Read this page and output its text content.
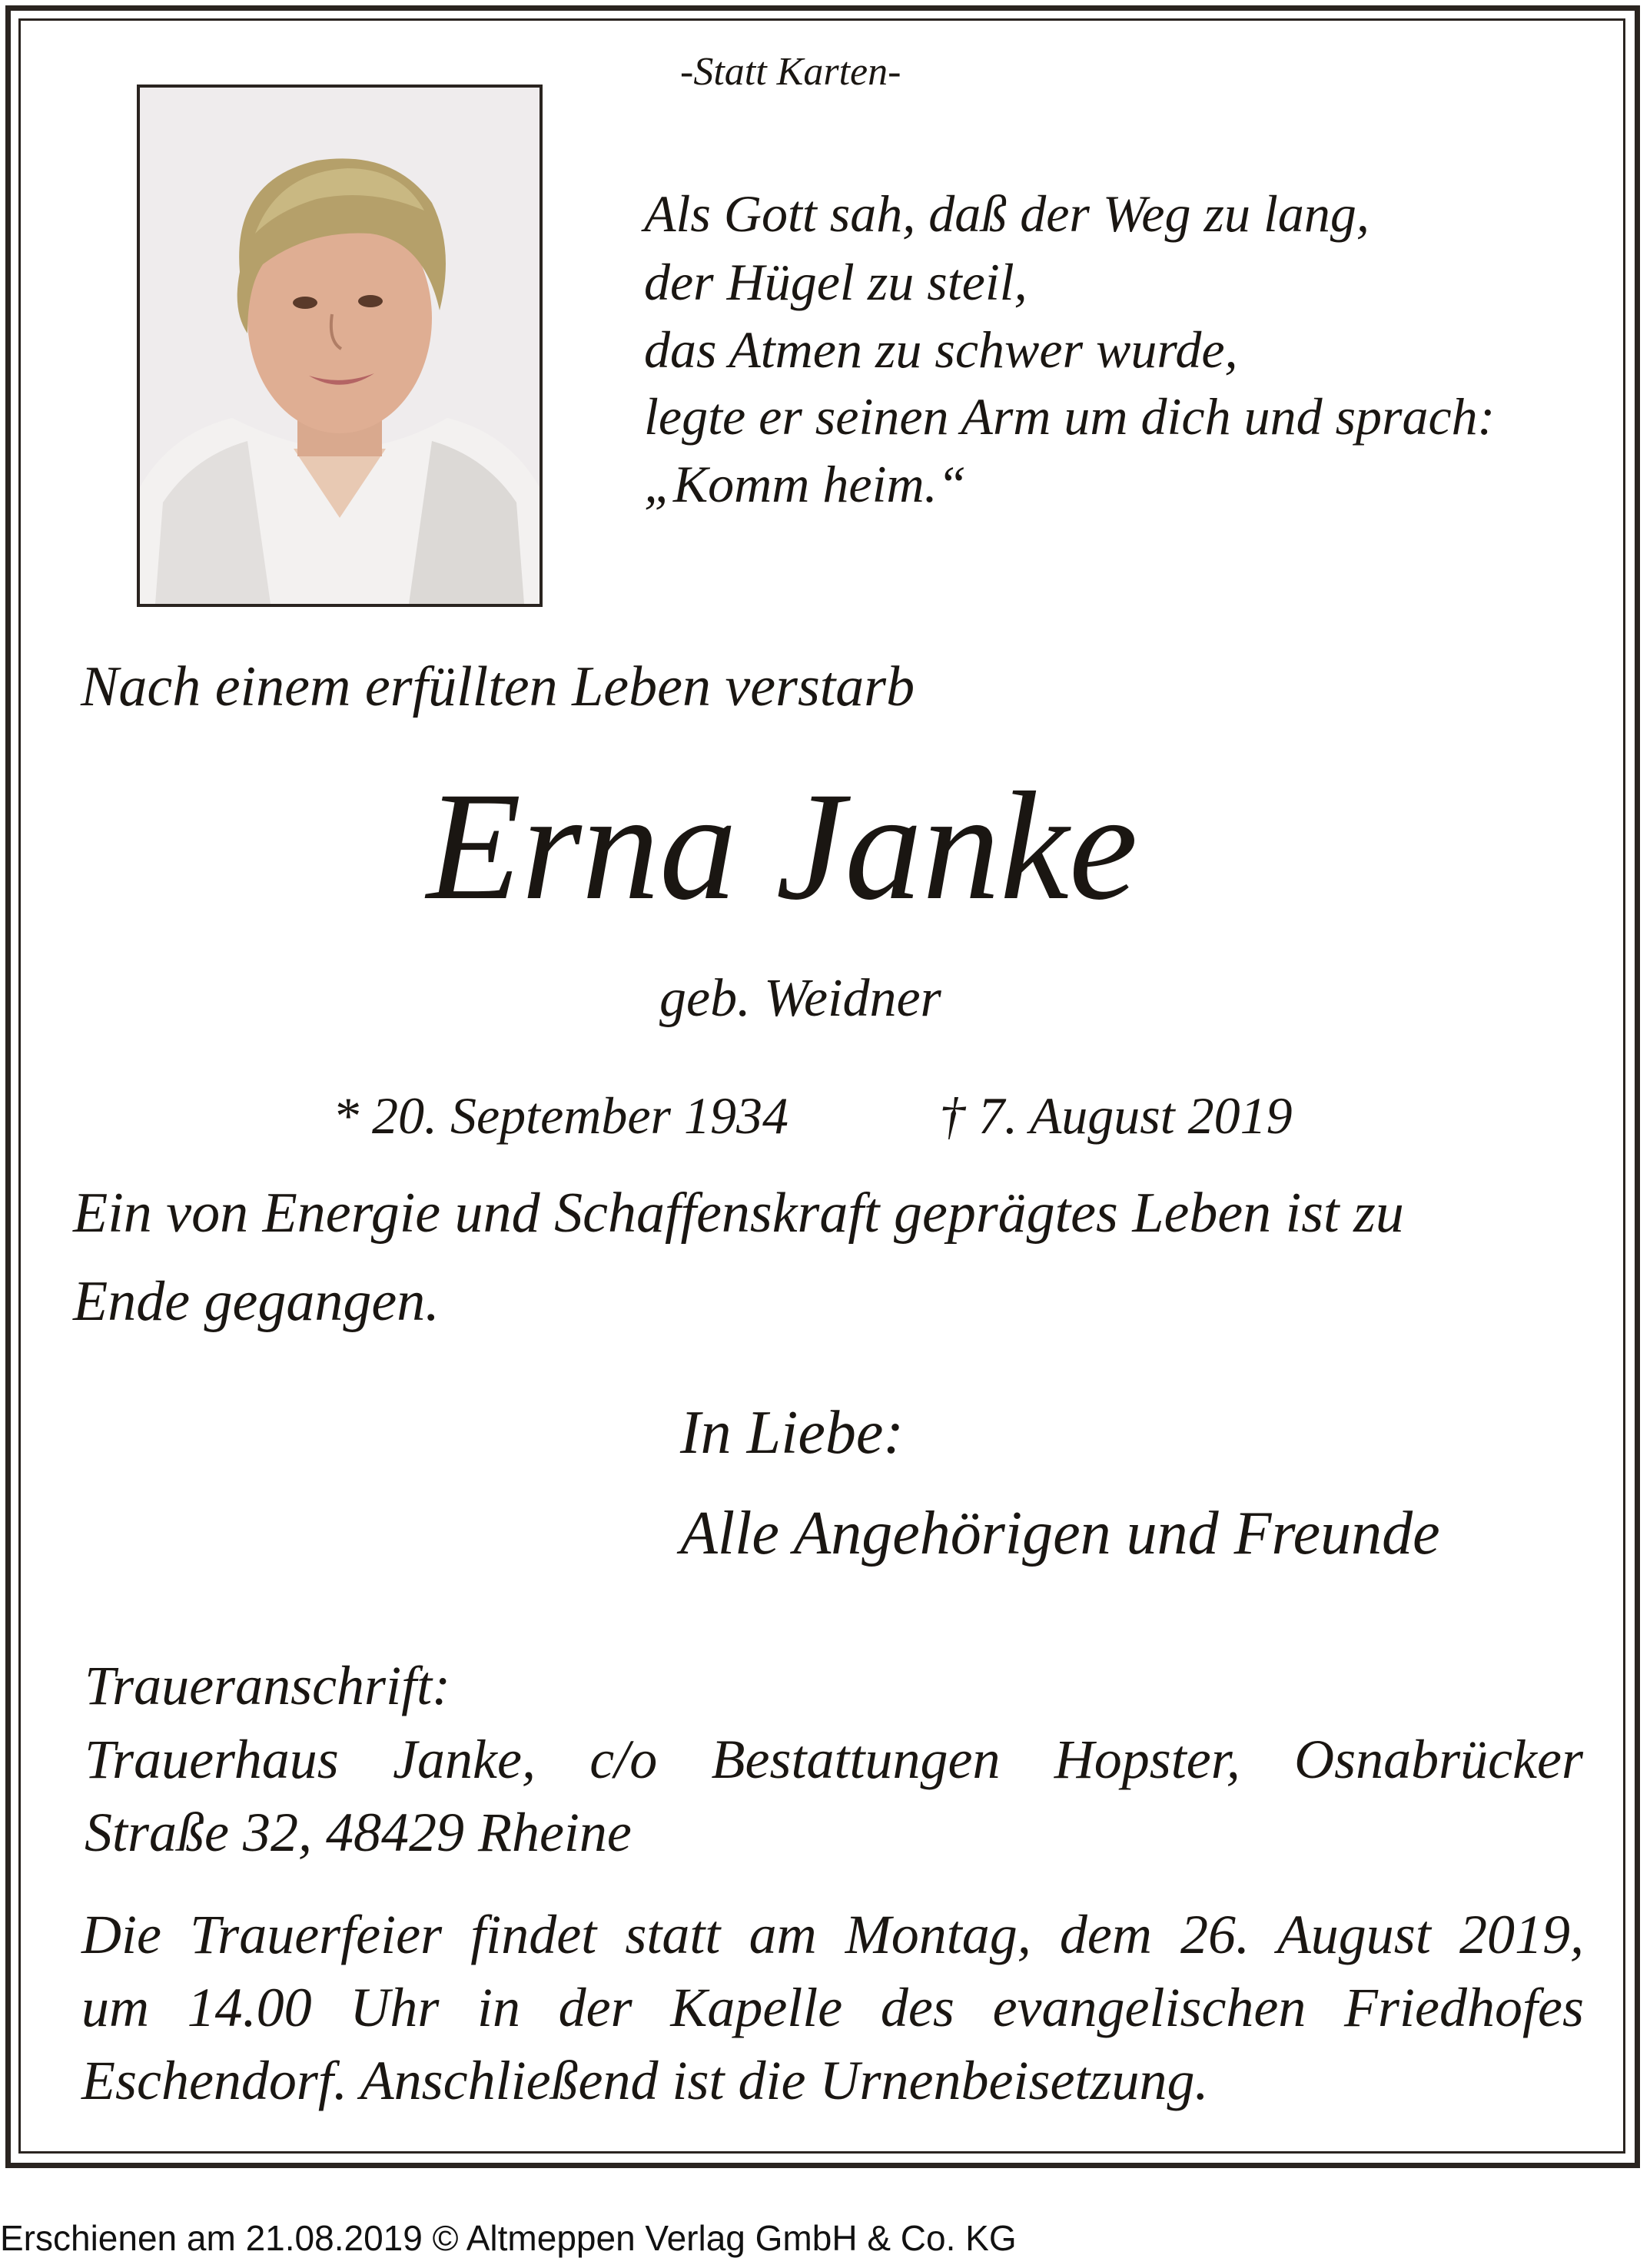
-Statt Karten-
Als Gott sah, daß der Weg zu lang,
der Hügel zu steil,
das Atmen zu schwer wurde,
legte er seinen Arm um dich und sprach:
„Komm heim.“
Nach einem erfüllten Leben verstarb
Erna Janke
geb. Weidner
* 20. September 1934	† 7. August 2019
Ein von Energie und Schaffenskraft geprägtes Leben ist zu
Ende gegangen.
In Liebe:
Alle Angehörigen und Freunde
Traueranschrift:
Trauerhaus Janke, c/o Bestattungen Hopster, Osnabrücker
Straße 32, 48429 Rheine
Die Trauerfeier findet statt am Montag, dem 26. August 2019,
um 14.00 Uhr in der Kapelle des evangelischen Friedhofes
Eschendorf. Anschließend ist die Urnenbeisetzung.
Erschienen am 21.08.2019 © Altmeppen Verlag GmbH & Co. KG
